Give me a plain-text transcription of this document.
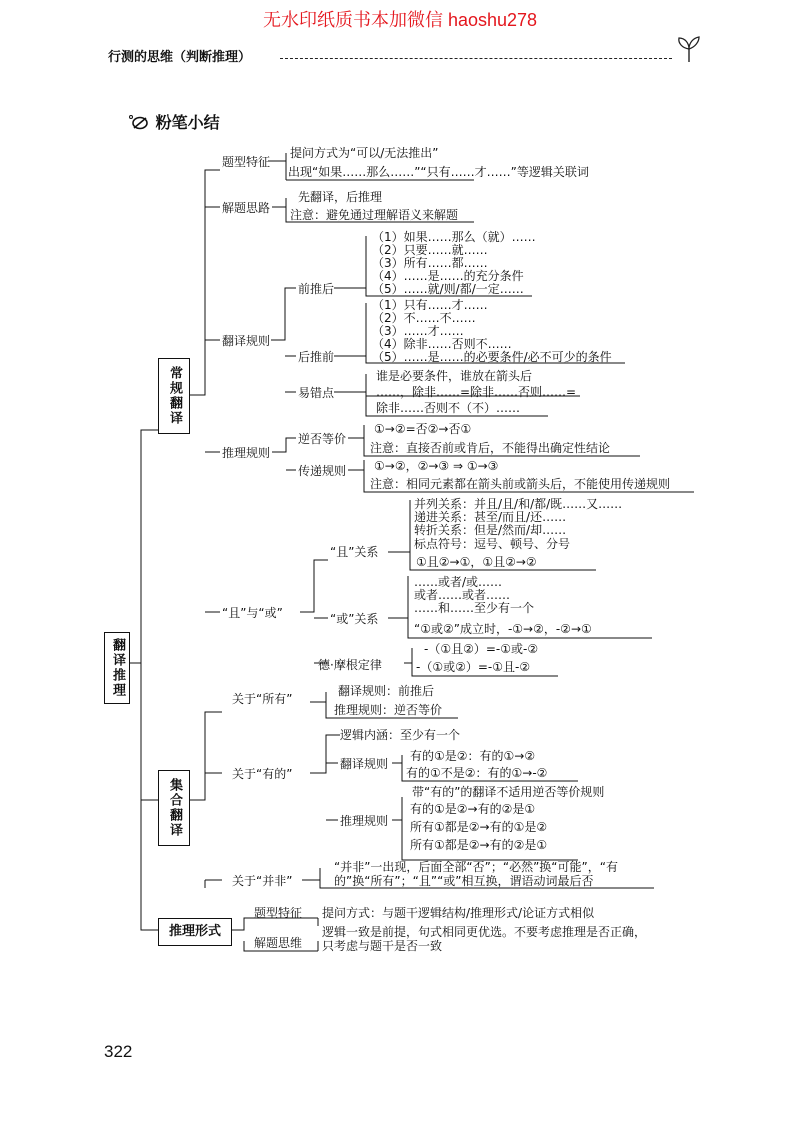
无水印纸质书本加微信 haoshu278
行测的思维（判断推理）
粉笔小结
翻译推理
常规翻译
集合翻译
推理形式
题型特征
提问方式为“可以/无法推出”
出现“如果……那么……”“只有……才……”等逻辑关联词
解题思路
先翻译，后推理
注意：避免通过理解语义来解题
翻译规则
前推后
（1）如果……那么（就）……
（2）只要……就……
（3）所有……都……
（4）……是……的充分条件
（5）……就/则/都/一定……
后推前
（1）只有……才……
（2）不……不……
（3）……才……
（4）除非……否则不……
（5）……是……的必要条件/必不可少的条件
易错点
谁是必要条件，谁放在箭头后
……，除非……=除非……否则……=
除非……否则不（不）……
推理规则
逆否等价
①→②=否②→否①
注意：直接否前或肯后，不能得出确定性结论
传递规则 ①→②，②→③ ⇒ ①→③
注意：相同元素都在箭头前或箭头后，不能使用传递规则
“且”与“或”
“且”关系
并列关系：并且/且/和/都/既……又……
递进关系：甚至/而且/还……
转折关系：但是/然而/却……
标点符号：逗号、顿号、分号
①且②→①，①且②→②
“或”关系
……或者/或……
或者……或者……
……和……至少有一个
“①或②”成立时，-①→②，-②→①
德·摩根定律
-（①且②）=-①或-②
-（①或②）=-①且-②
关于“所有”
翻译规则：前推后
推理规则：逆否等价
关于“有的”
逻辑内涵：至少有一个
翻译规则
有的①是②：有的①→②
有的①不是②：有的①→-②
推理规则
带“有的”的翻译不适用逆否等价规则
有的①是②→有的②是①
所有①都是②→有的①是②
所有①都是②→有的②是①
关于“并非”
“并非”一出现，后面全部“否”；“必然”换“可能”，“有
的”换“所有”；“且”“或”相互换，谓语动词最后否
题型特征 提问方式：与题干逻辑结构/推理形式/论证方式相似
解题思维
逻辑一致是前提，句式相同更优选。不要考虑推理是否正确，
只考虑与题干是否一致
322
